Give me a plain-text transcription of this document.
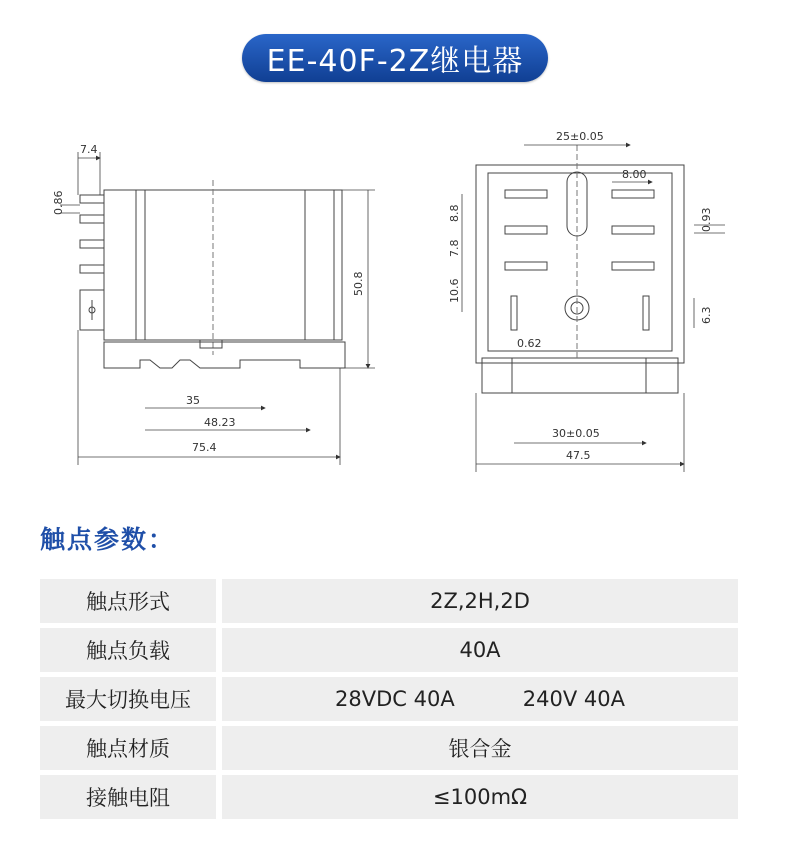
EE-40F-2Z继电器
7.4
0.86
50.8
35
48.23
75.4
25±0.05
8.00
8.8
7.8
10.6
0.93
6.3
0.62
30±0.05
47.5
触点参数：
触点形式	2Z,2H,2D
触点负载	40A
最大切换电压	28VDC 40A 240V 40A

触点材质	银合金
接触电阻	≤100mΩ
